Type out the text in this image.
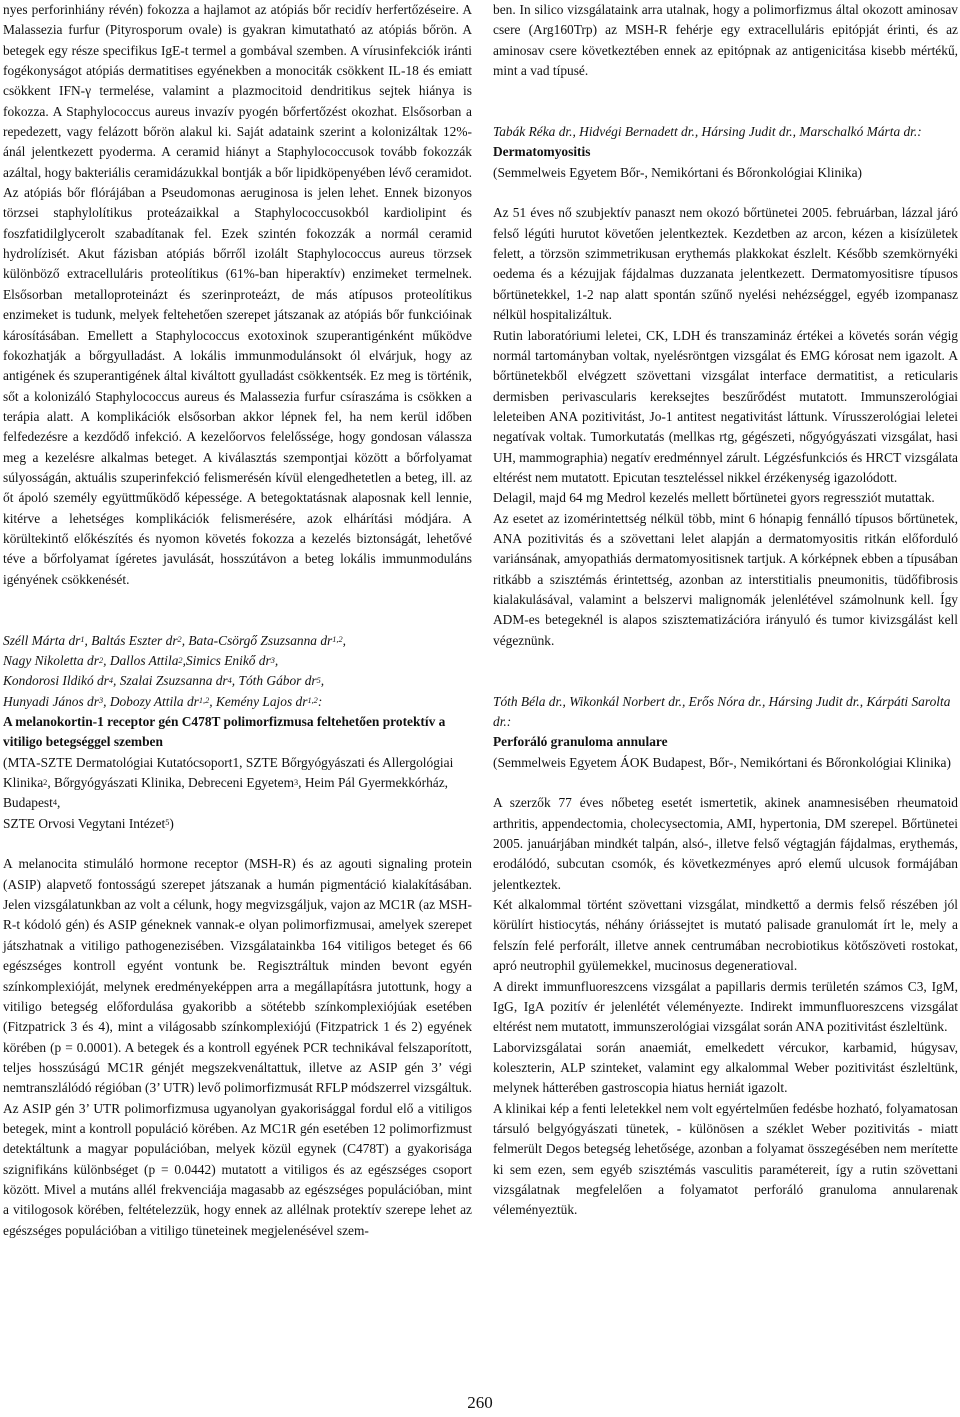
nyes perforinhiány révén) fokozza a hajlamot az atópiás bőr recidív herfertőzéseire. A Malassezia furfur (Pityrosporum ovale) is gyakran kimutatható az atópiás bőrön. A betegek egy része specifikus IgE-t termel a gombával szemben. A vírusinfekciók iránti fogékonyságot atópiás dermatitises egyénekben a monociták csökkent IL-18 és emiatt csökkent IFN-γ termelése, valamint a plazmocitoid dendritikus sejtek hiánya is fokozza. A Staphylococcus aureus invazív pyogén bőrfertőzést okozhat. Elsősorban a repedezett, vagy felázott bőrön alakul ki. Saját adataink szerint a kolonizáltak 12%-ánál jelentkezett pyoderma. A ceramid hiányt a Staphylococcusok tovább fokozzák azáltal, hogy bakteriális ceramidázukkal bontják a bőr lipidköpenyében lévő ceramidot. Az atópiás bőr flórájában a Pseudomonas aeruginosa is jelen lehet. Ennek bizonyos törzsei staphylolítikus proteázaikkal a Staphylococcusokból kardiolipint és foszfatidilglycerolt szabadítanak fel. Ezek szintén fokozzák a normál ceramid hydrolízisét. Akut fázisban atópiás bőrről izolált Staphylococcus aureus törzsek különböző extracelluláris proteolítikus (61%-ban hiperaktív) enzimeket termelnek. Elsősorban metalloproteinázt és szerinproteázt, de más atípusos proteolítikus enzimeket is tudunk, melyek feltehetően szerepet játszanak az atópiás bőr funkcióinak károsításában. Emellett a Staphylococcus exotoxinok szuperantigénként működve fokozhatják a bőrgyulladást. A lokális immunmodulánsokt ól elvárjuk, hogy az antigének és szuperantigének által kiváltott gyulladást csökkentsék. Ez meg is történik, sőt a kolonizáló Staphylococcus aureus és Malassezia furfur csíraszáma is csökken a terápia alatt. A komplikációk elsősorban akkor lépnek fel, ha nem kerül időben felfedezésre a kezdődő infekció. A kezelőorvos felelőssége, hogy gondosan válassza meg a kezelésre alkalmas beteget. A kiválasztás szempontjai között a bőrfolyamat súlyosságán, aktuális szuperinfekció felismerésén kívül elengedhetetlen a beteg, ill. az őt ápoló személy együttműködő képessége. A betegoktatásnak alaposnak kell lennie, kitérve a lehetséges komplikációk felismerésére, azok elhárítási módjára. A körültekintő előkészítés és nyomon követés fokozza a kezelés biztonságát, lehetővé téve a bőrfolyamat ígéretes javulását, hosszútávon a beteg lokális immunmoduláns igényének csökkenését.

Széll Márta $dr^1$, Baltás Eszter $dr^2$, Bata-Csörgő Zsuzsanna dr$^{1,2}$,
Nagy Nikoletta $dr^2$, Dallos Attila$^2$,Simics Enikő $dr^3$,
Kondorosi Ildikó $dr^4$, Szalai Zsuzsanna $dr^4$, Tóth Gábor $dr^5$,
Hunyadi János $dr^3$, Dobozy Attila dr$^{1,2}$, Kemény Lajos dr$^{1,2}$:

A melanokortin-1 receptor gén C478T polimorfizmusa feltehetően protektív a vitiligo betegséggel szemben

(MTA-SZTE Dermatológiai Kutatócsoport1, SZTE Bőrgyógyászati és Allergológiai Klinika$^2$, Bőrgyógyászati Klinika, Debreceni Egyetem$^3$, Heim Pál Gyermekkórház, Budapest$^4$,
SZTE Orvosi Vegytani Intézet$^5$)

A melanocita stimuláló hormone receptor (MSH-R) és az agouti signaling protein (ASIP) alapvető fontosságú szerepet játszanak a humán pigmentáció kialakításában. Jelen vizsgálatunkban az volt a célunk, hogy megvizsgáljuk, vajon az MC1R (az MSH-R-t kódoló gén) és ASIP géneknek vannak-e olyan polimorfizmusai, amelyek szerepet játszhatnak a vitiligo pathogenezisében. Vizsgálatainkba 164 vitiligos beteget és 66 egészséges kontroll egyént vontunk be. Regisztráltuk minden bevont egyén színkomplexióját, melynek eredményeképpen arra a megállapításra jutottunk, hogy a vitiligo betegség előfordulása gyakoribb a sötétebb színkomplexiójúak esetében (Fitzpatrick 3 és 4), mint a világosabb színkomplexiójú (Fitzpatrick 1 és 2) egyének körében (p = 0.0001). A betegek és a kontroll egyének PCR technikával felszaporított, teljes hosszúságú MC1R génjét megszekvenáltattuk, illetve az ASIP gén 3’ végi nemtranszlálódó régióban (3’ UTR) levő polimorfizmusát RFLP módszerrel vizsgáltuk. Az ASIP gén 3’ UTR polimorfizmusa ugyanolyan gyakorisággal fordul elő a vitiligos betegek, mint a kontroll populáció körében. Az MC1R gén esetében 12 polimorfizmust detektáltunk a magyar populációban, melyek közül egynek (C478T) a gyakorisága szignifikáns különbséget (p = 0.0442) mutatott a vitiligos és az egészséges csoport között. Mivel a mutáns allél frekvenciája magasabb az egészséges populációban, mint a vitilogosok körében, feltételezzük, hogy ennek az allélnak protektív szerepe lehet az egészséges populációban a vitiligo tüneteinek megjelenésével szem-

ben. In silico vizsgálataink arra utalnak, hogy a polimorfizmus által okozott aminosav csere (Arg160Trp) az MSH-R fehérje egy extracelluláris epitópját érinti, és az aminosav csere következtében ennek az epitópnak az antigenicitása kisebb mértékű, mint a vad típusé.

Tabák Réka dr., Hidvégi Bernadett dr., Hársing Judit dr., Marschalkó Márta dr.:

Dermatomyositis

(Semmelweis Egyetem Bőr-, Nemikórtani és Bőronkológiai Klinika)

Az 51 éves nő szubjektív panaszt nem okozó bőrtünetei 2005. februárban, lázzal járó felső légúti hurutot követően jelentkeztek. Kezdetben az arcon, kézen a kisízületek felett, a törzsön szimmetrikusan erythemás plakkokat észlelt. Később szemkörnyéki oedema és a kézujjak fájdalmas duzzanata jelentkezett. Dermatomyositisre típusos bőrtünetekkel, 1-2 nap alatt spontán szűnő nyelési nehézséggel, egyéb izompanasz nélkül hospitalizáltuk.

Rutin laboratóriumi leletei, CK, LDH és transzamináz értékei a követés során végig normál tartományban voltak, nyelésröntgen vizsgálat és EMG kórosat nem igazolt. A bőrtünetekből elvégzett szövettani vizsgálat interface dermatitist, a reticularis dermisben perivascularis kereksejtes beszűrődést mutatott. Immunszerológiai leleteiben ANA pozitivitást, Jo-1 antitest negativitást láttunk. Vírusszerológiai leletei negatívak voltak. Tumorkutatás (mellkas rtg, gégészeti, nőgyógyászati vizsgálat, hasi UH, mammographia) negatív eredménnyel zárult. Légzésfunkciós és HRCT vizsgálata eltérést nem mutatott. Epicutan teszteléssel nikkel érzékenység igazolódott.

Delagil, majd 64 mg Medrol kezelés mellett bőrtünetei gyors regressziót mutattak.

Az esetet az izomérintettség nélkül több, mint 6 hónapig fennálló típusos bőrtünetek, ANA pozitivitás és a szövettani lelet alapján a dermatomyositis ritkán előforduló variánsának, amyopathiás dermatomyositisnek tartjuk. A kórképnek ebben a típusában ritkább a szisztémás érintettség, azonban az interstitialis pneumonitis, tüdőfibrosis kialakulásával, valamint a belszervi malignomák jelenlétével számolnunk kell. Így ADM-es betegeknél is alapos szisztematizációra irányuló és tumor kivizsgálást kell végeznünk.

Tóth Béla dr., Wikonkál Norbert dr., Erős Nóra dr., Hársing Judit dr., Kárpáti Sarolta dr.:

Perforáló granuloma annulare

(Semmelweis Egyetem ÁOK Budapest, Bőr-, Nemikórtani és Bőronkológiai Klinika)

A szerzők 77 éves nőbeteg esetét ismertetik, akinek anamnesisében rheumatoid arthritis, appendectomia, cholecysectomia, AMI, hypertonia, DM szerepel. Bőrtünetei 2005. januárjában mindkét talpán, alsó-, illetve felső végtagján fájdalmas, erythemás, erodálódó, subcutan csomók, és következményes apró elemű ulcusok formájában jelentkeztek.

Két alkalommal történt szövettani vizsgálat, mindkettő a dermis felső részében jól körülírt histiocytás, néhány óriássejtet is mutató palisade granulomát írt le, mely a felszín felé perforált, illetve annek centrumában necrobiotikus kötőszöveti rostokat, apró neutrophil gyülemekkel, mucinosus degeneratioval.

A direkt immunfluoreszcens vizsgálat a papillaris dermis területén számos C3, IgM, IgG, IgA pozitív ér jelenlétét véleményezte. Indirekt immunfluoreszcens vizsgálat eltérést nem mutatott, immunszerológiai vizsgálat során ANA pozitivitást észleltünk.

Laborvizsgálatai során anaemiát, emelkedett vércukor, karbamid, húgysav, koleszterin, ALP szinteket, valamint egy alkalommal Weber pozitivitást észleltünk, melynek hátterében gastroscopia hiatus herniát igazolt.

A klinikai kép a fenti leletekkel nem volt egyértelműen fedésbe hozható, folyamatosan társuló belgyógyászati tünetek, - különösen a széklet Weber pozitivitás - miatt felmerült Degos betegség lehetősége, azonban a folyamat összegésében nem merítette ki sem ezen, sem egyéb szisztémás vasculitis paramétereit, így a rutin szövettani vizsgálatnak megfelelően a folyamatot perforáló granuloma annularenak véleményeztük.

260
